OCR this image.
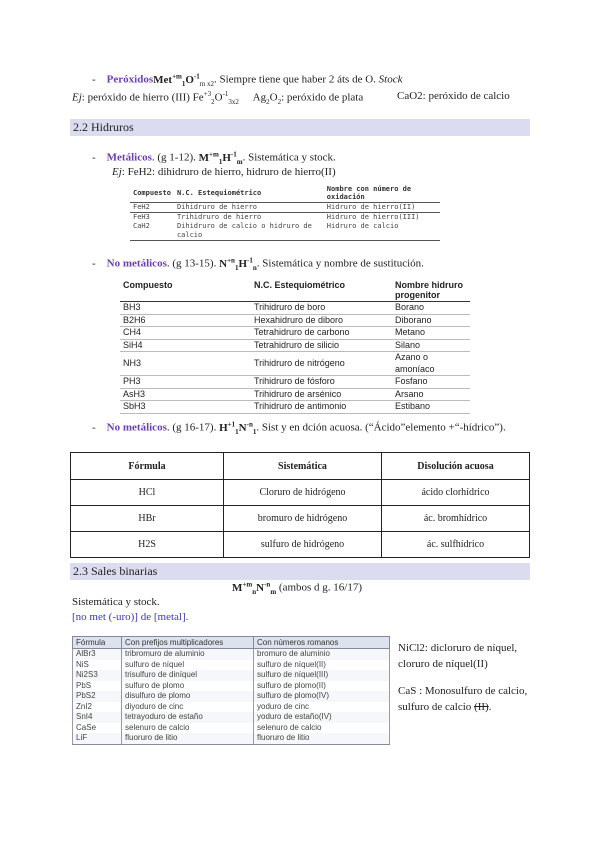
- $PeróxidosMet^{+m}_1O^{-1}_{m x2}$. Siempre tiene que haber 2 áts de O. Stock
Ej: peróxido de hierro (III) $Fe^{+3}_2O^{-1}_{3x2}$ $Ag_2O_2$: peróxido de plata	CaO2: peróxido de calcio
2.2 Hidruros
- Metálicos. (g 1-12). $M^{+m}_1H^{-1}_m$. Sistemática y stock.
Ej: FeH2: dihidruro de hierro, hidruro de hierro(II)
Compuesto	N.C. Estequiométrico	Nombre con número de oxidación
FeH2	Dihidruro de hierro	Hidruro de hierro(II)
FeH3	Trihidruro de hierro	Hidruro de hierro(III)
CaH2	Dihidruro de calcio o hidruro de calcio	Hidruro de calcio
- No metálicos. (g 13-15). $N^{+n}_1H^{-1}_n$. Sistemática y nombre de sustitución.
Compuesto	N.C. Estequiométrico	Nombre hidruro progenitor
BH3	Trihidruro de boro	Borano
B2H6	Hexahidruro de diboro	Diborano
CH4	Tetrahidruro de carbono	Metano
SiH4	Tetrahidruro de silicio	Silano
NH3	Trihidruro de nitrógeno	Azano o amoníaco
PH3	Trihidruro de fósforo	Fosfano
AsH3	Trihidruro de arsénico	Arsano
SbH3	Trihidruro de antimonio	Estibano
- No metálicos. (g 16-17). $H^{+1}_1N^{-n}_1$. Sist y en dción acuosa. (“Ácido”elemento +“-hídrico”).
Fórmula	Sistemática	Disolución acuosa
HCl	Cloruro de hidrógeno	ácido clorhídrico
HBr	bromuro de hidrógeno	ác. bromhídrico
H2S	sulfuro de hidrógeno	ác. sulfhídrico
2.3 Sales binarias
$M^{+m}_nN^{-n}_m$ (ambos d g. 16/17)
Sistemática y stock.
[no met (-uro)] de [metal].
Fórmula	Con prefijos multiplicadores	Con números romanos
AlBr3	tribromuro de aluminio	bromuro de aluminio
NiS	sulfuro de níquel	sulfuro de níquel(II)
Ni2S3	trisulfuro de diníquel	sulfuro de níquel(III)
PbS	sulfuro de plomo	sulfuro de plomo(II)
PbS2	disulfuro de plomo	sulfuro de plomo(IV)
ZnI2	diyoduro de cinc	yoduro de cinc
SnI4	tetrayoduro de estaño	yoduro de estaño(IV)
CaSe	selenuro de calcio	selenuro de calcio
LiF	fluoruro de litio	fluoruro de litio
NiCl2: dicloruro de níquel, cloruro de níquel(II)
CaS : Monosulfuro de calcio, sulfuro de calcio (II).
